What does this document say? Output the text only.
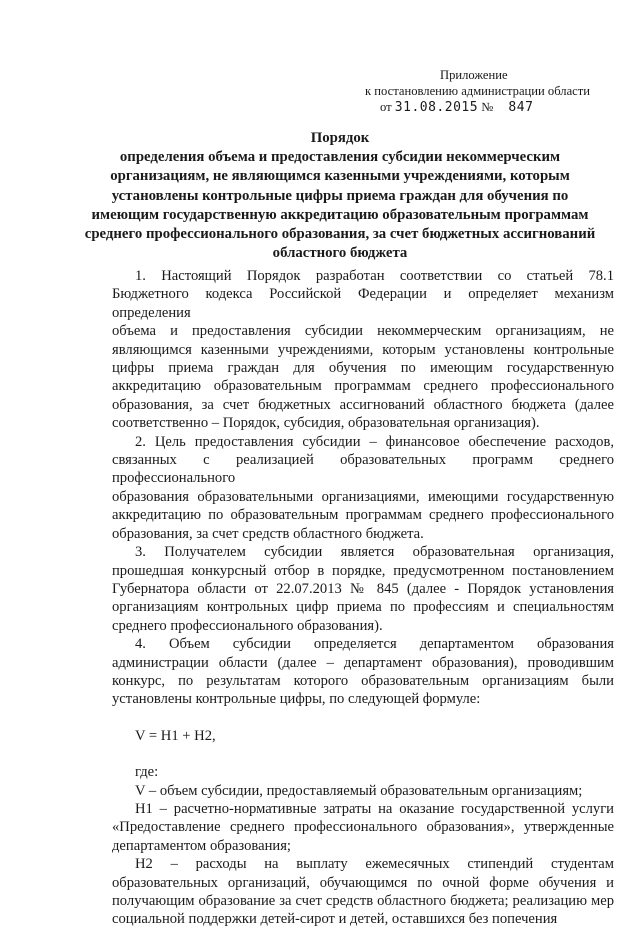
Приложение
к постановлению администрации области
от 31.08.2015 № 847
Порядок
определения объема и предоставления субсидии некоммерческим
организациям, не являющимся казенными учреждениями, которым
установлены контрольные цифры приема граждан для обучения по
имеющим государственную аккредитацию образовательным программам
среднего профессионального образования, за счет бюджетных ассигнований
областного бюджета
1. Настоящий Порядок разработан соответствии со статьей 78.1
Бюджетного кодекса Российской Федерации и определяет механизм определения
объема и предоставления субсидии некоммерческим организациям, не
являющимся казенными учреждениями, которым установлены контрольные
цифры приема граждан для обучения по имеющим государственную
аккредитацию образовательным программам среднего профессионального
образования, за счет бюджетных ассигнований областного бюджета (далее
соответственно – Порядок, субсидия, образовательная организация).
2. Цель предоставления субсидии – финансовое обеспечение расходов,
связанных с реализацией образовательных программ среднего профессионального
образования образовательными организациями, имеющими государственную
аккредитацию по образовательным программам среднего профессионального
образования, за счет средств областного бюджета.
3. Получателем субсидии является образовательная организация,
прошедшая конкурсный отбор в порядке, предусмотренном постановлением
Губернатора области от 22.07.2013 № 845 (далее - Порядок установления
организациям контрольных цифр приема по профессиям и специальностям
среднего профессионального образования).
4. Объем субсидии определяется департаментом образования
администрации области (далее – департамент образования), проводившим
конкурс, по результатам которого образовательным организациям были
установлены контрольные цифры, по следующей формуле:

V = H1 + H2,

где:

V – объем субсидии, предоставляемый образовательным организациям;
H1 – расчетно-нормативные затраты на оказание государственной услуги
«Предоставление среднего профессионального образования», утвержденные
департаментом образования;
H2 – расходы на выплату ежемесячных стипендий студентам
образовательных организаций, обучающимся по очной форме обучения и
получающим образование за счет средств областного бюджета; реализацию мер
социальной поддержки детей-сирот и детей, оставшихся без попечения
